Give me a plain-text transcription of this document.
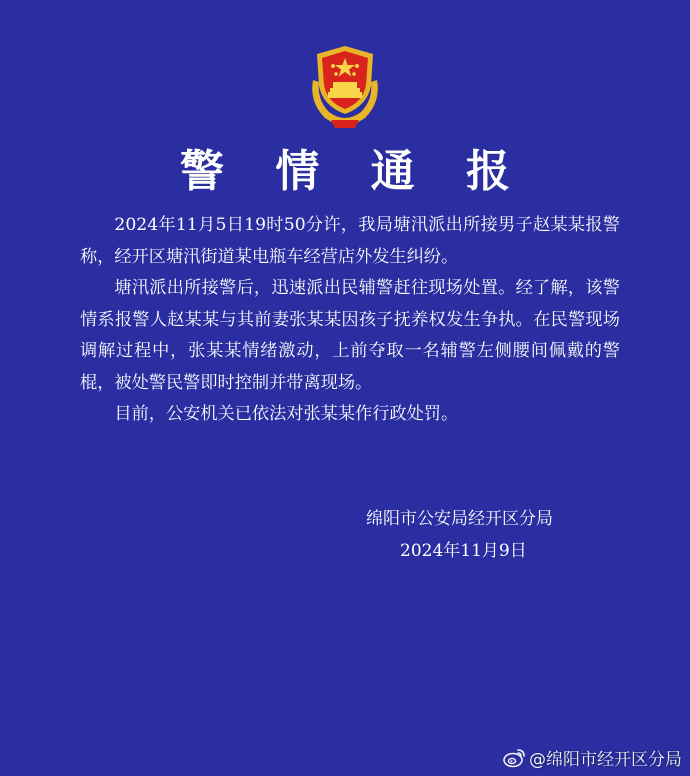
警 情 通 报

2024年11月5日19时50分许，我局塘汛派出所接男子赵某某报警称，经开区塘汛街道某电瓶车经营店外发生纠纷。

塘汛派出所接警后，迅速派出民辅警赶往现场处置。经了解，该警情系报警人赵某某与其前妻张某某因孩子抚养权发生争执。在民警现场调解过程中，张某某情绪激动，上前夺取一名辅警左侧腰间佩戴的警棍，被处警民警即时控制并带离现场。

目前，公安机关已依法对张某某作行政处罚。

绵阳市公安局经开区分局
2024年11月9日
@绵阳市经开区分局
